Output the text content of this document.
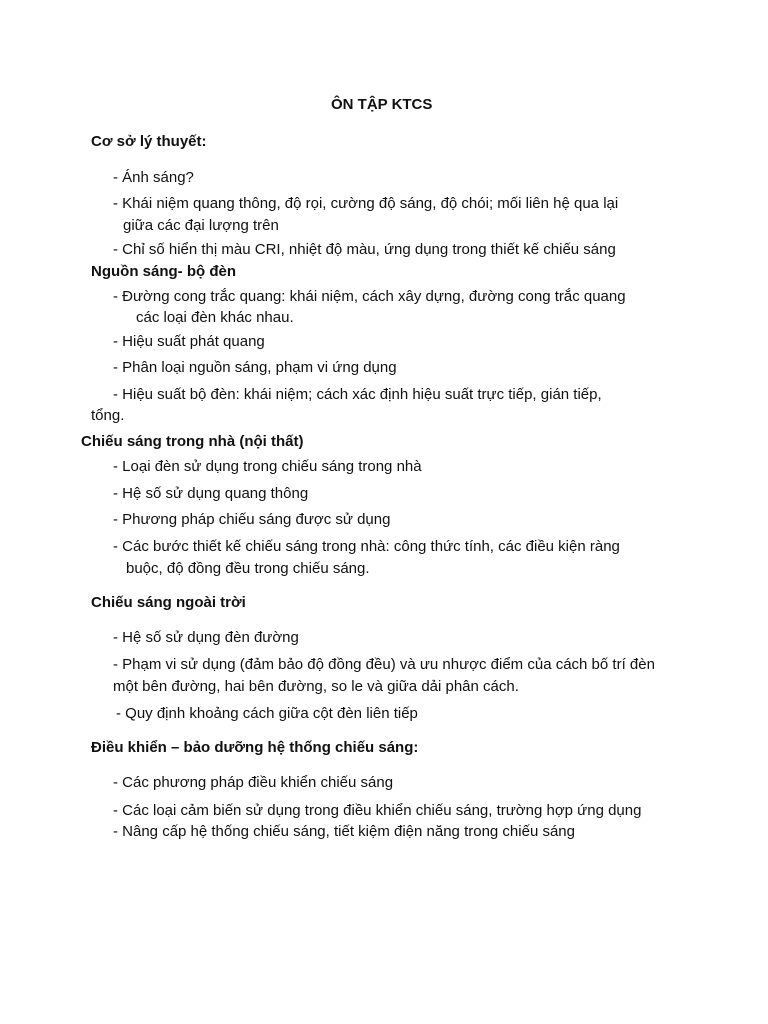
ÔN TẬP KTCS
Cơ sở lý thuyết:
- Ánh sáng?
- Khái niệm quang thông, độ rọi, cường độ sáng, độ chói; mối liên hệ qua lại
giữa các đại lượng trên
- Chỉ số hiển thị màu CRI, nhiệt độ màu, ứng dụng trong thiết kế chiếu sáng
Nguồn sáng- bộ đèn
- Đường cong trắc quang: khái niệm, cách xây dựng, đường cong trắc quang
các loại đèn khác nhau.
- Hiệu suất phát quang
- Phân loại nguồn sáng, phạm vi ứng dụng
- Hiệu suất bộ đèn: khái niệm; cách xác định hiệu suất trực tiếp, gián tiếp,
tổng.
Chiếu sáng trong nhà (nội thất)
- Loại đèn sử dụng trong chiếu sáng trong nhà
- Hệ số sử dụng quang thông
- Phương pháp chiếu sáng được sử dụng
- Các bước thiết kế chiếu sáng trong nhà: công thức tính, các điều kiện ràng
buộc, độ đồng đều trong chiếu sáng.
Chiếu sáng ngoài trời
- Hệ số sử dụng đèn đường
- Phạm vi sử dụng (đảm bảo độ đồng đều) và ưu nhược điểm của cách bố trí đèn
một bên đường, hai bên đường, so le và giữa dải phân cách.
- Quy định khoảng cách giữa cột đèn liên tiếp
Điều khiển – bảo dưỡng hệ thống chiếu sáng:
- Các phương pháp điều khiển chiếu sáng
- Các loại cảm biến sử dụng trong điều khiển chiếu sáng, trường hợp ứng dụng
- Nâng cấp hệ thống chiếu sáng, tiết kiệm điện năng trong chiếu sáng
